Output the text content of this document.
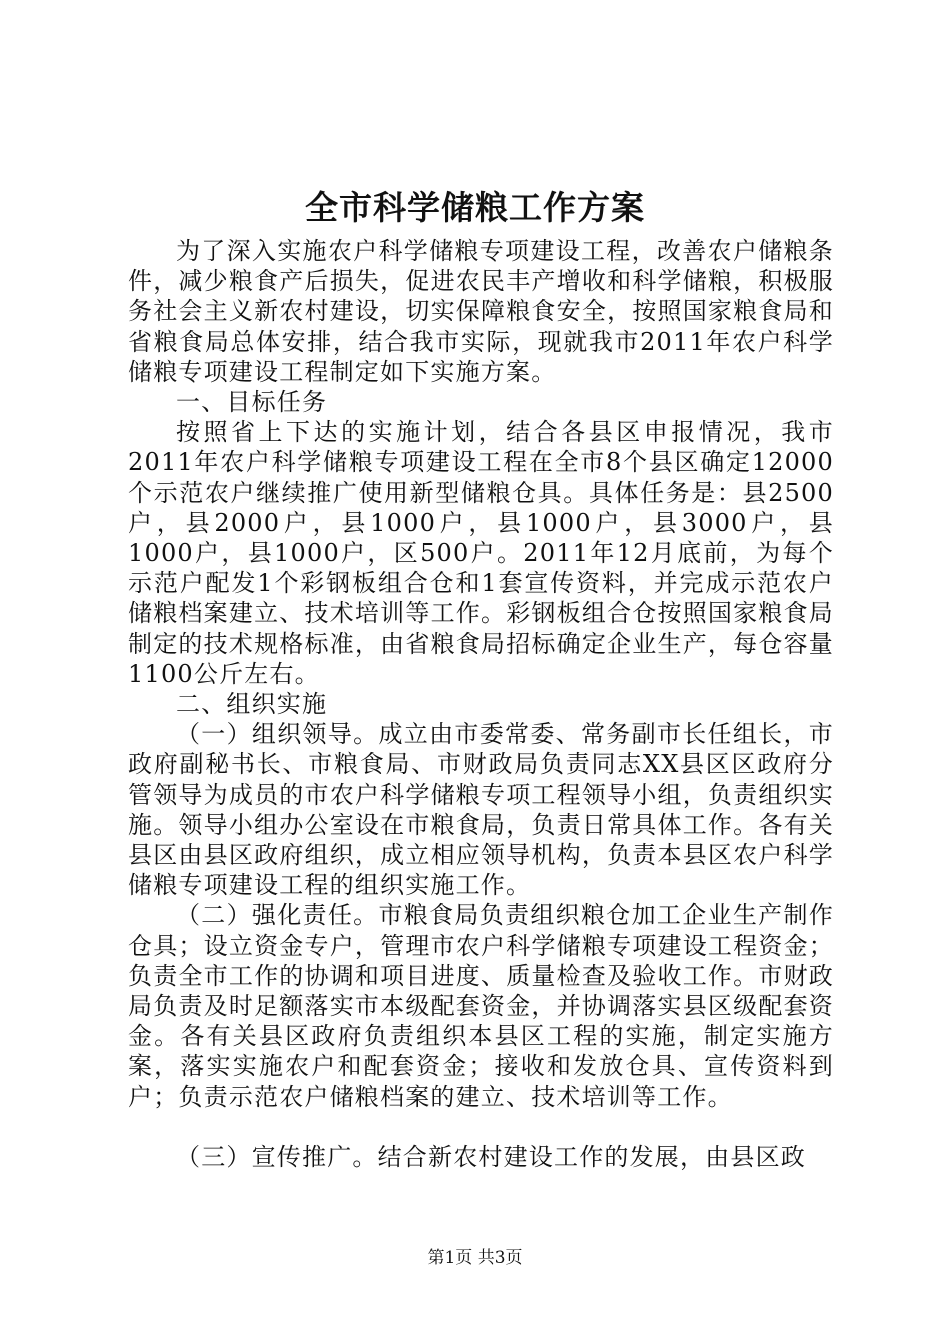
全市科学储粮工作方案

为了深入实施农户科学储粮专项建设工程，改善农户储粮条件，减少粮食产后损失，促进农民丰产增收和科学储粮，积极服务社会主义新农村建设，切实保障粮食安全，按照国家粮食局和省粮食局总体安排，结合我市实际，现就我市2011年农户科学储粮专项建设工程制定如下实施方案。

一、目标任务

按照省上下达的实施计划，结合各县区申报情况，我市2011年农户科学储粮专项建设工程在全市8个县区确定12000个示范农户继续推广使用新型储粮仓具。具体任务是：县2500户，县2000户，县1000户，县1000户，县3000户，县1000户，县1000户，区500户。2011年12月底前，为每个示范户配发1个彩钢板组合仓和1套宣传资料，并完成示范农户储粮档案建立、技术培训等工作。彩钢板组合仓按照国家粮食局制定的技术规格标准，由省粮食局招标确定企业生产，每仓容量1100公斤左右。

二、组织实施

（一）组织领导。成立由市委常委、常务副市长任组长，市政府副秘书长、市粮食局、市财政局负责同志XX县区区政府分管领导为成员的市农户科学储粮专项工程领导小组，负责组织实施。领导小组办公室设在市粮食局，负责日常具体工作。各有关县区由县区政府组织，成立相应领导机构，负责本县区农户科学储粮专项建设工程的组织实施工作。

（二）强化责任。市粮食局负责组织粮仓加工企业生产制作仓具；设立资金专户，管理市农户科学储粮专项建设工程资金；负责全市工作的协调和项目进度、质量检查及验收工作。市财政局负责及时足额落实市本级配套资金，并协调落实县区级配套资金。各有关县区政府负责组织本县区工程的实施，制定实施方案，落实实施农户和配套资金；接收和发放仓具、宣传资料到户；负责示范农户储粮档案的建立、技术培训等工作。

（三）宣传推广。结合新农村建设工作的发展，由县区政

第1页 共3页
